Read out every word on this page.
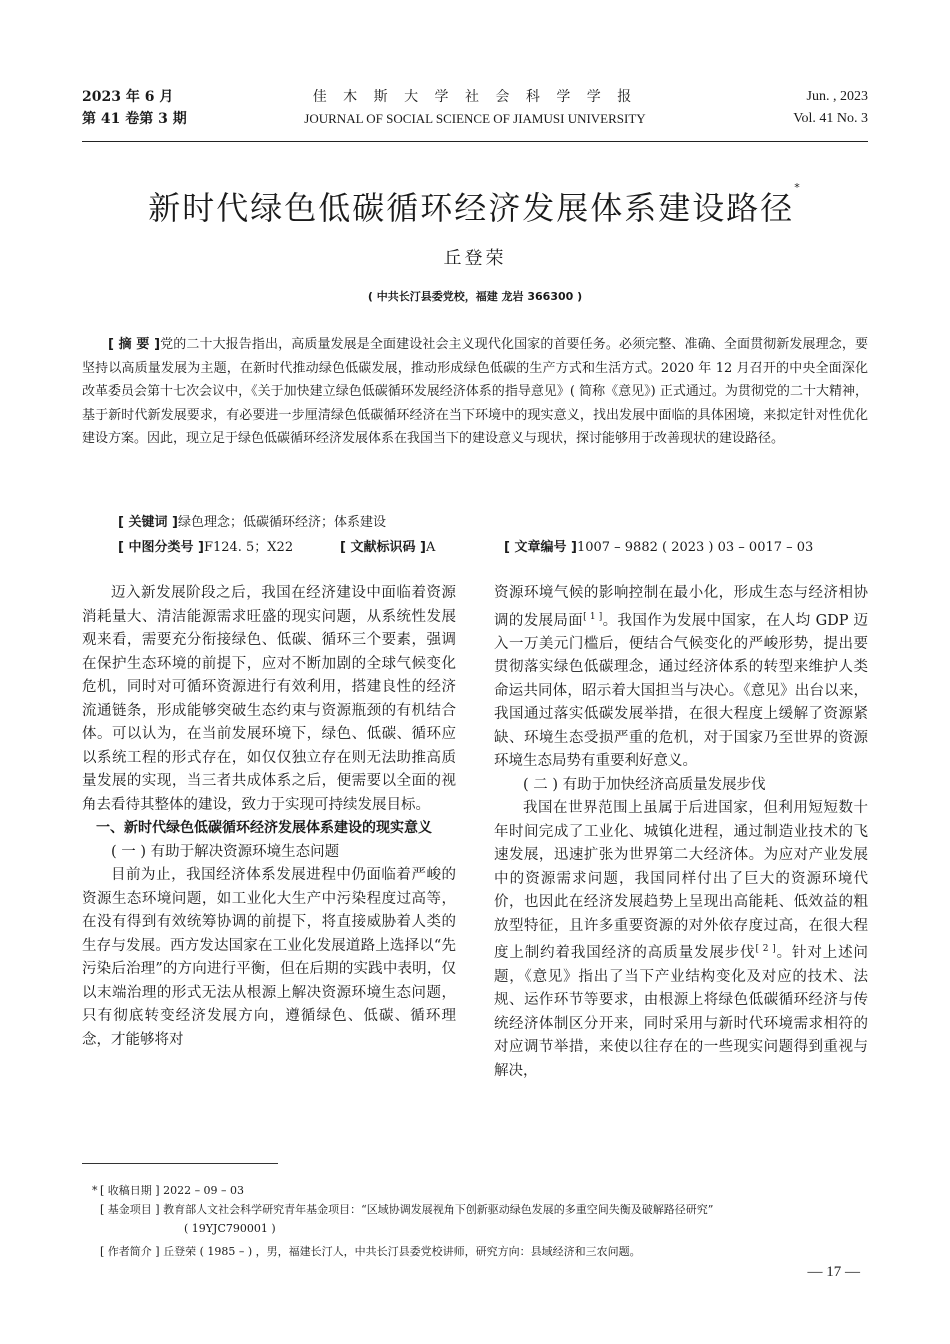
2023 年 6 月
第 41 卷第 3 期
佳 木 斯 大 学 社 会 科 学 学 报
JOURNAL OF SOCIAL SCIENCE OF JIAMUSI UNIVERSITY
Jun. , 2023
Vol. 41 No. 3
新时代绿色低碳循环经济发展体系建设路径*
丘登荣
( 中共长汀县委党校，福建 龙岩 366300 )
[ 摘 要 ]党的二十大报告指出，高质量发展是全面建设社会主义现代化国家的首要任务。必须完整、准确、全面贯彻新发展理念，要坚持以高质量发展为主题，在新时代推动绿色低碳发展，推动形成绿色低碳的生产方式和生活方式。2020 年 12 月召开的中央全面深化改革委员会第十七次会议中，《关于加快建立绿色低碳循环发展经济体系的指导意见》( 简称《意见》) 正式通过。为贯彻党的二十大精神，基于新时代新发展要求，有必要进一步厘清绿色低碳循环经济在当下环境中的现实意义，找出发展中面临的具体困境，来拟定针对性优化建设方案。因此，现立足于绿色低碳循环经济发展体系在我国当下的建设意义与现状，探讨能够用于改善现状的建设路径。
[ 关键词 ]绿色理念；低碳循环经济；体系建设
[ 中图分类号 ]F124. 5；X22	[ 文献标识码 ]A	[ 文章编号 ]1007 – 9882 ( 2023 ) 03 – 0017 – 03

迈入新发展阶段之后，我国在经济建设中面临着资源消耗量大、清洁能源需求旺盛的现实问题，从系统性发展观来看，需要充分衔接绿色、低碳、循环三个要素，强调在保护生态环境的前提下，应对不断加剧的全球气候变化危机，同时对可循环资源进行有效利用，搭建良性的经济流通链条，形成能够突破生态约束与资源瓶颈的有机结合体。可以认为，在当前发展环境下，绿色、低碳、循环应以系统工程的形式存在，如仅仅独立存在则无法助推高质量发展的实现，当三者共成体系之后，便需要以全面的视角去看待其整体的建设，致力于实现可持续发展目标。

一、新时代绿色低碳循环经济发展体系建设的现实意义
( 一 ) 有助于解决资源环境生态问题

目前为止，我国经济体系发展进程中仍面临着严峻的资源生态环境问题，如工业化大生产中污染程度过高等，在没有得到有效统筹协调的前提下，将直接威胁着人类的生存与发展。西方发达国家在工业化发展道路上选择以“先污染后治理”的方向进行平衡，但在后期的实践中表明，仅以末端治理的形式无法从根源上解决资源环境生态问题，只有彻底转变经济发展方向，遵循绿色、低碳、循环理念，才能够将对

资源环境气候的影响控制在最小化，形成生态与经济相协调的发展局面[ 1 ]。我国作为发展中国家，在人均 GDP 迈入一万美元门槛后，便结合气候变化的严峻形势，提出要贯彻落实绿色低碳理念，通过经济体系的转型来维护人类命运共同体，昭示着大国担当与决心。《意见》出台以来，我国通过落实低碳发展举措，在很大程度上缓解了资源紧缺、环境生态受损严重的危机，对于国家乃至世界的资源环境生态局势有重要利好意义。

( 二 ) 有助于加快经济高质量发展步伐

我国在世界范围上虽属于后进国家，但利用短短数十年时间完成了工业化、城镇化进程，通过制造业技术的飞速发展，迅速扩张为世界第二大经济体。为应对产业发展中的资源需求问题，我国同样付出了巨大的资源环境代价，也因此在经济发展趋势上呈现出高能耗、低效益的粗放型特征，且许多重要资源的对外依存度过高，在很大程度上制约着我国经济的高质量发展步伐[ 2 ]。针对上述问题，《意见》指出了当下产业结构变化及对应的技术、法规、运作环节等要求，由根源上将绿色低碳循环经济与传统经济体制区分开来，同时采用与新时代环境需求相符的对应调节举措，来使以往存在的一些现实问题得到重视与解决，

* [ 收稿日期 ] 2022 – 09 – 03
[ 基金项目 ] 教育部人文社会科学研究青年基金项目：“区域协调发展视角下创新驱动绿色发展的多重空间失衡及破解路径研究”
( 19YJC790001 )
[ 作者简介 ] 丘登荣 ( 1985 – ) ，男，福建长汀人，中共长汀县委党校讲师，研究方向：县域经济和三农问题。
— 17 —
